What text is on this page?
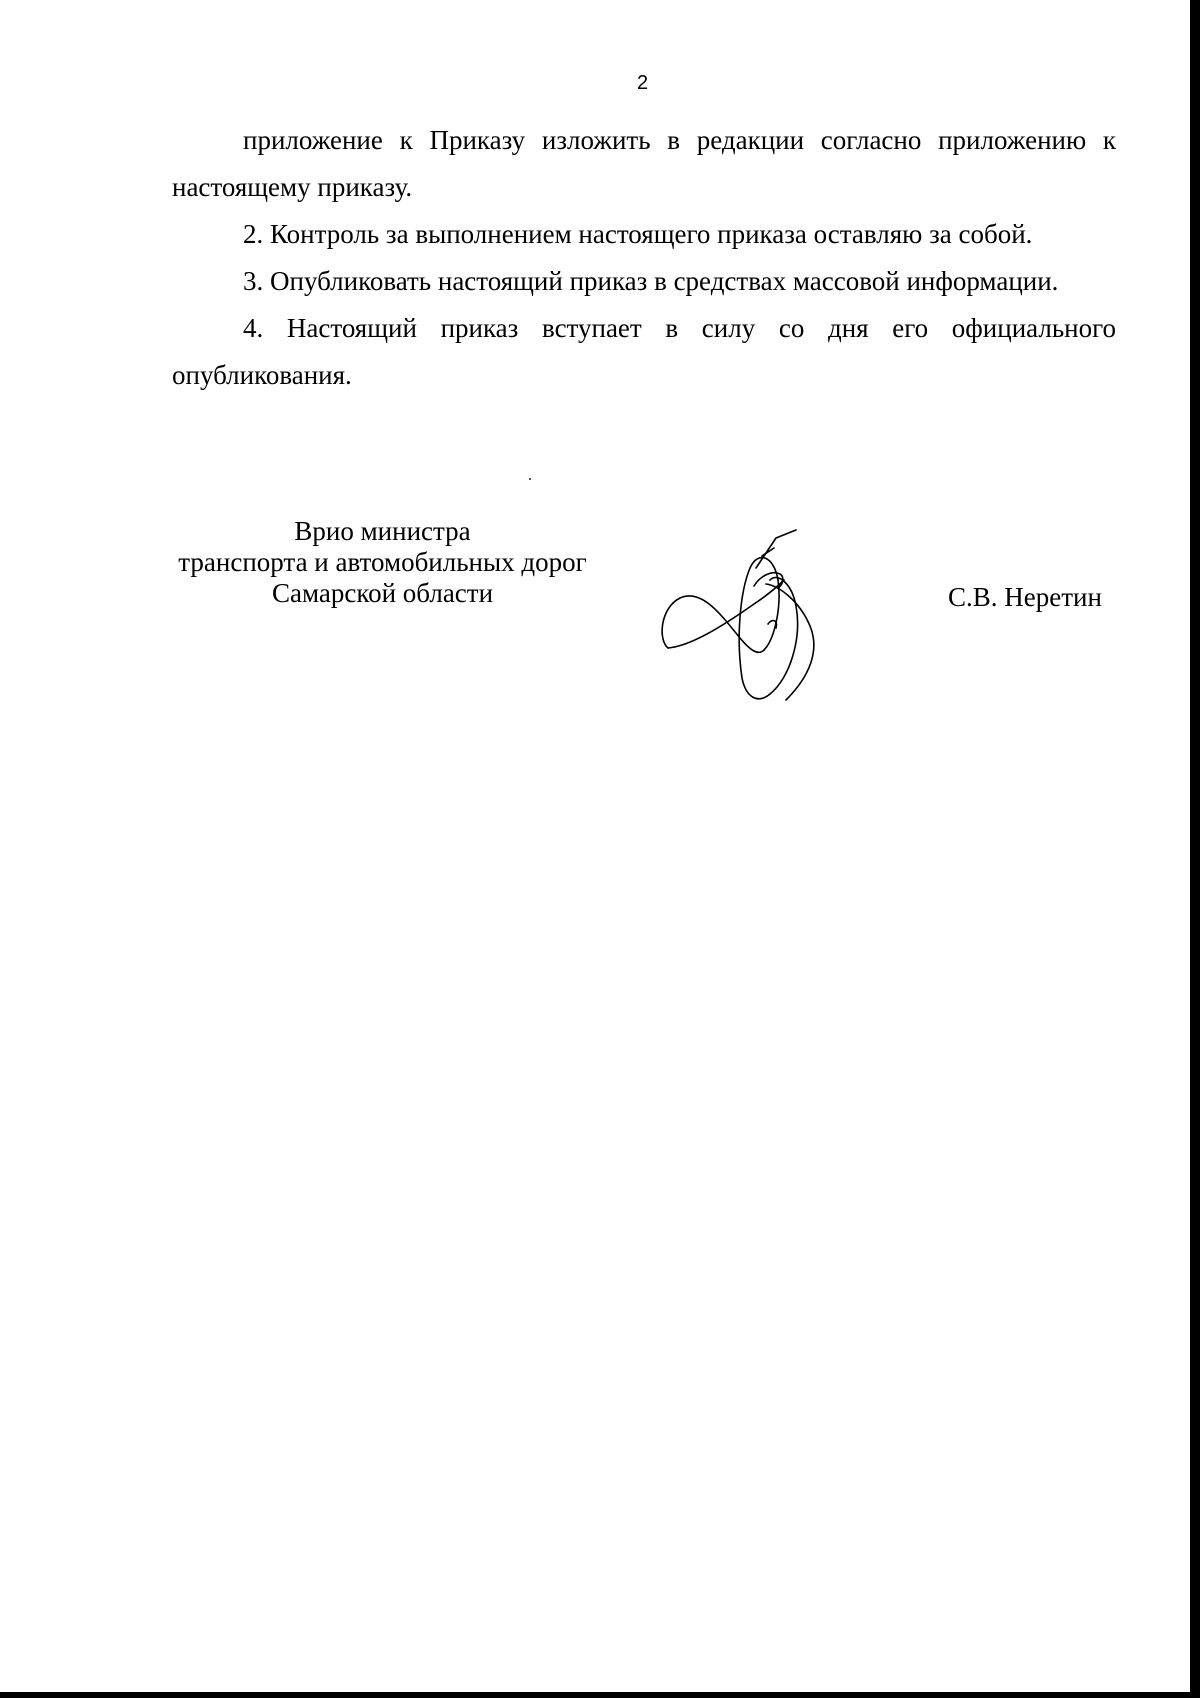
2

приложение к Приказу изложить в редакции согласно приложению к настоящему приказу.

2. Контроль за выполнением настоящего приказа оставляю за собой.

3. Опубликовать настоящий приказ в средствах массовой информации.

4. Настоящий приказ вступает в силу со дня его официального опубликования.

Врио министра
транспорта и автомобильных дорог
Самарской области	С.В. Неретин
